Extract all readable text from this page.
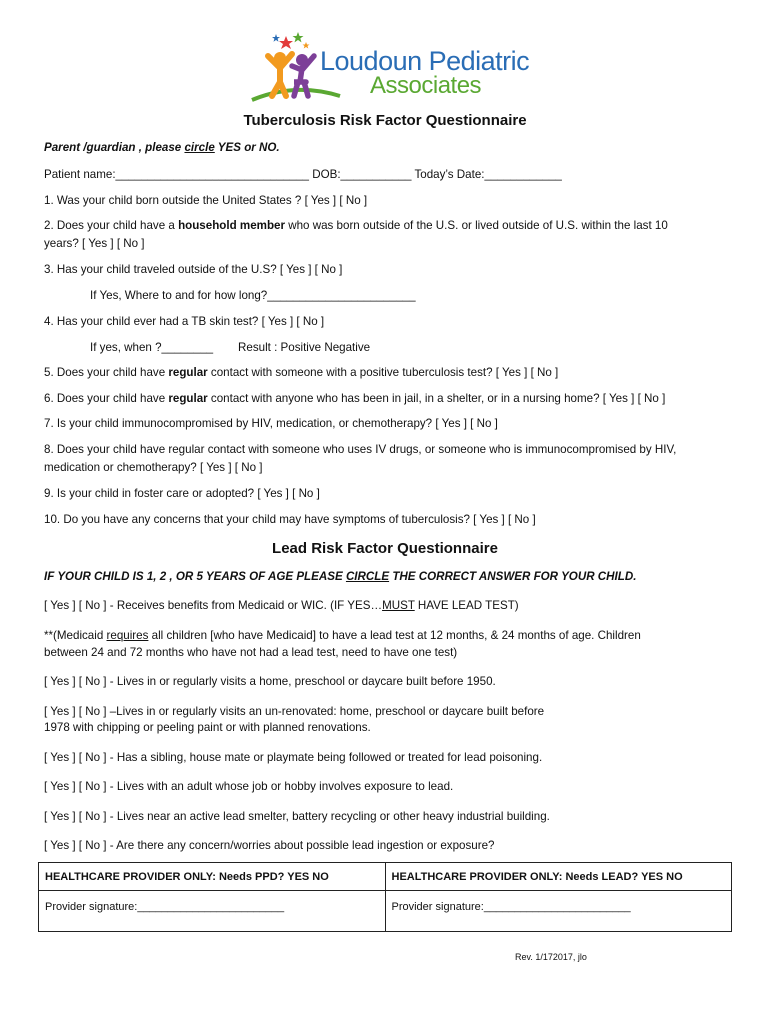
Loudoun Pediatric
Associates
Tuberculosis Risk Factor Questionnaire
Parent /guardian , please circle YES or NO.
Patient name:______________________________ DOB:___________ Today’s Date:____________
1. Was your child born outside the United States ? [ Yes ] [ No ]
2. Does your child have a household member who was born outside of the U.S. or lived outside of U.S. within the last 10
years? [ Yes ] [ No ]
3. Has your child traveled outside of the U.S? [ Yes ] [ No ]
If Yes, Where to and for how long?_______________________
4. Has your child ever had a TB skin test? [ Yes ] [ No ]
If yes, when ?________ Result : Positive Negative
5. Does your child have regular contact with someone with a positive tuberculosis test? [ Yes ] [ No ]
6. Does your child have regular contact with anyone who has been in jail, in a shelter, or in a nursing home? [ Yes ] [ No ]
7. Is your child immunocompromised by HIV, medication, or chemotherapy? [ Yes ] [ No ]
8. Does your child have regular contact with someone who uses IV drugs, or someone who is immunocompromised by HIV,
medication or chemotherapy? [ Yes ] [ No ]
9. Is your child in foster care or adopted? [ Yes ] [ No ]
10. Do you have any concerns that your child may have symptoms of tuberculosis? [ Yes ] [ No ]
Lead Risk Factor Questionnaire
IF YOUR CHILD IS 1, 2 , OR 5 YEARS OF AGE PLEASE CIRCLE THE CORRECT ANSWER FOR YOUR CHILD.
[ Yes ] [ No ] - Receives benefits from Medicaid or WIC. (IF YES…MUST HAVE LEAD TEST)
**(Medicaid requires all children [who have Medicaid] to have a lead test at 12 months, & 24 months of age. Children
between 24 and 72 months who have not had a lead test, need to have one test)
[ Yes ] [ No ] - Lives in or regularly visits a home, preschool or daycare built before 1950.
[ Yes ] [ No ] –Lives in or regularly visits an un-renovated: home, preschool or daycare built before
1978 with chipping or peeling paint or with planned renovations.
[ Yes ] [ No ] - Has a sibling, house mate or playmate being followed or treated for lead poisoning.
[ Yes ] [ No ] - Lives with an adult whose job or hobby involves exposure to lead.
[ Yes ] [ No ] - Lives near an active lead smelter, battery recycling or other heavy industrial building.
[ Yes ] [ No ] - Are there any concern/worries about possible lead ingestion or exposure?
HEALTHCARE PROVIDER ONLY: Needs PPD? YES NO
Provider signature:________________________
HEALTHCARE PROVIDER ONLY: Needs LEAD? YES NO
Provider signature:________________________
Rev. 1/172017, jlo
